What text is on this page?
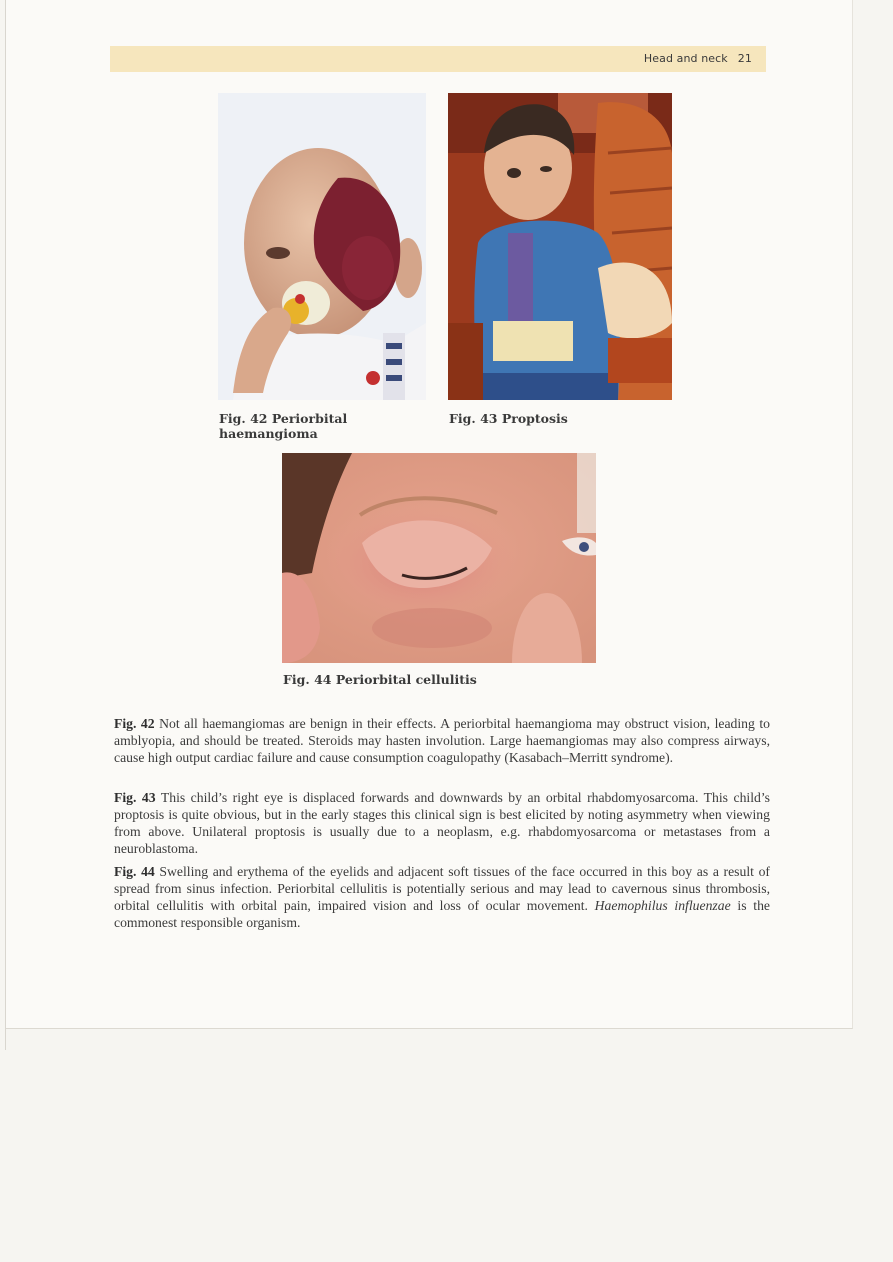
Head and neck 21
Fig. 42 Periorbital haemangioma
Fig. 43 Proptosis
Fig. 44 Periorbital cellulitis
Fig. 42 Not all haemangiomas are benign in their effects. A periorbital haemangioma may obstruct vision, leading to amblyopia, and should be treated. Steroids may hasten involution. Large haemangiomas may also compress airways, cause high output cardiac failure and cause consumption coagulopathy (Kasabach–Merritt syndrome).
Fig. 43 This child’s right eye is displaced forwards and downwards by an orbital rhabdomyosarcoma. This child’s proptosis is quite obvious, but in the early stages this clinical sign is best elicited by noting asymmetry when viewing from above. Unilateral proptosis is usually due to a neoplasm, e.g. rhabdomyosarcoma or metastases from a neuroblastoma.
Fig. 44 Swelling and erythema of the eyelids and adjacent soft tissues of the face occurred in this boy as a result of spread from sinus infection. Periorbital cellulitis is potentially serious and may lead to cavernous sinus thrombosis, orbital cellulitis with orbital pain, impaired vision and loss of ocular movement. Haemophilus influenzae is the commonest responsible organism.
